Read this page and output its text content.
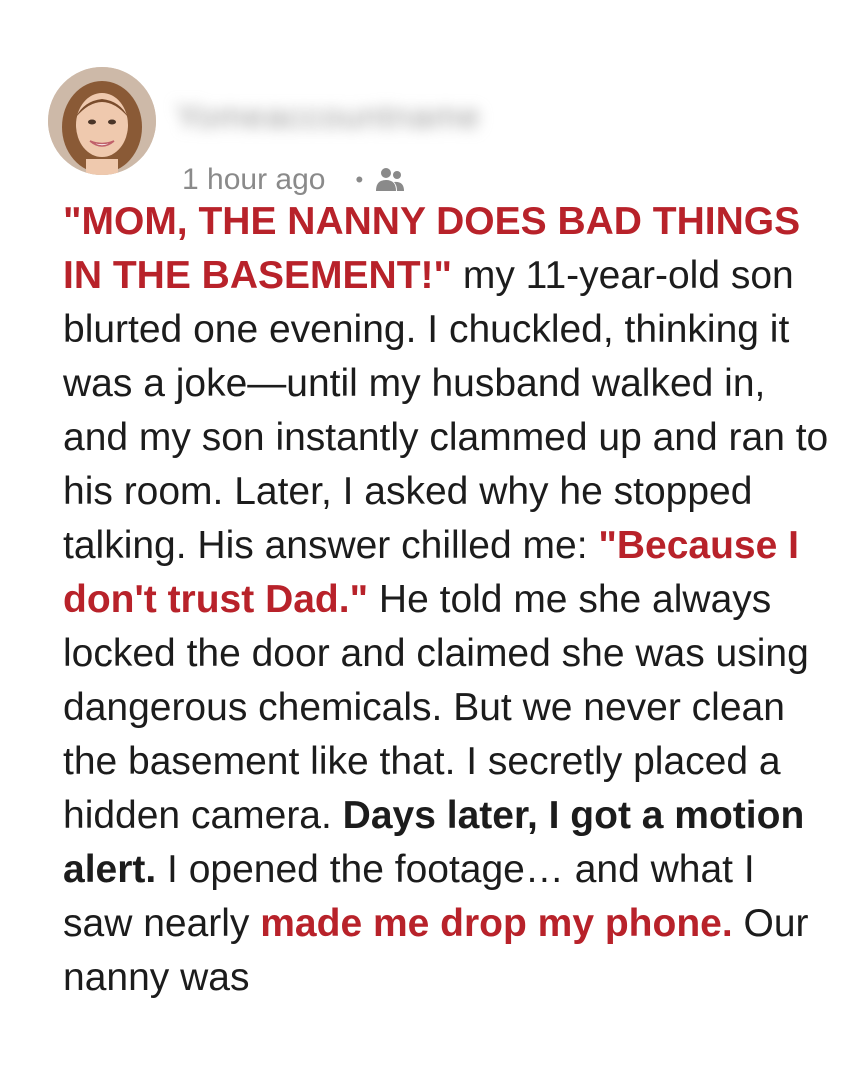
Yomeaccountname
1 hour ago •

"MOM, THE NANNY DOES BAD THINGS IN THE BASEMENT!" my 11-year-old son blurted one evening. I chuckled, thinking it was a joke—until my husband walked in, and my son instantly clammed up and ran to his room. Later, I asked why he stopped talking. His answer chilled me: "Because I don't trust Dad." He told me she always locked the door and claimed she was using dangerous chemicals. But we never clean the basement like that. I secretly placed a hidden camera. Days later, I got a motion alert. I opened the footage… and what I saw nearly made me drop my phone. Our nanny was
